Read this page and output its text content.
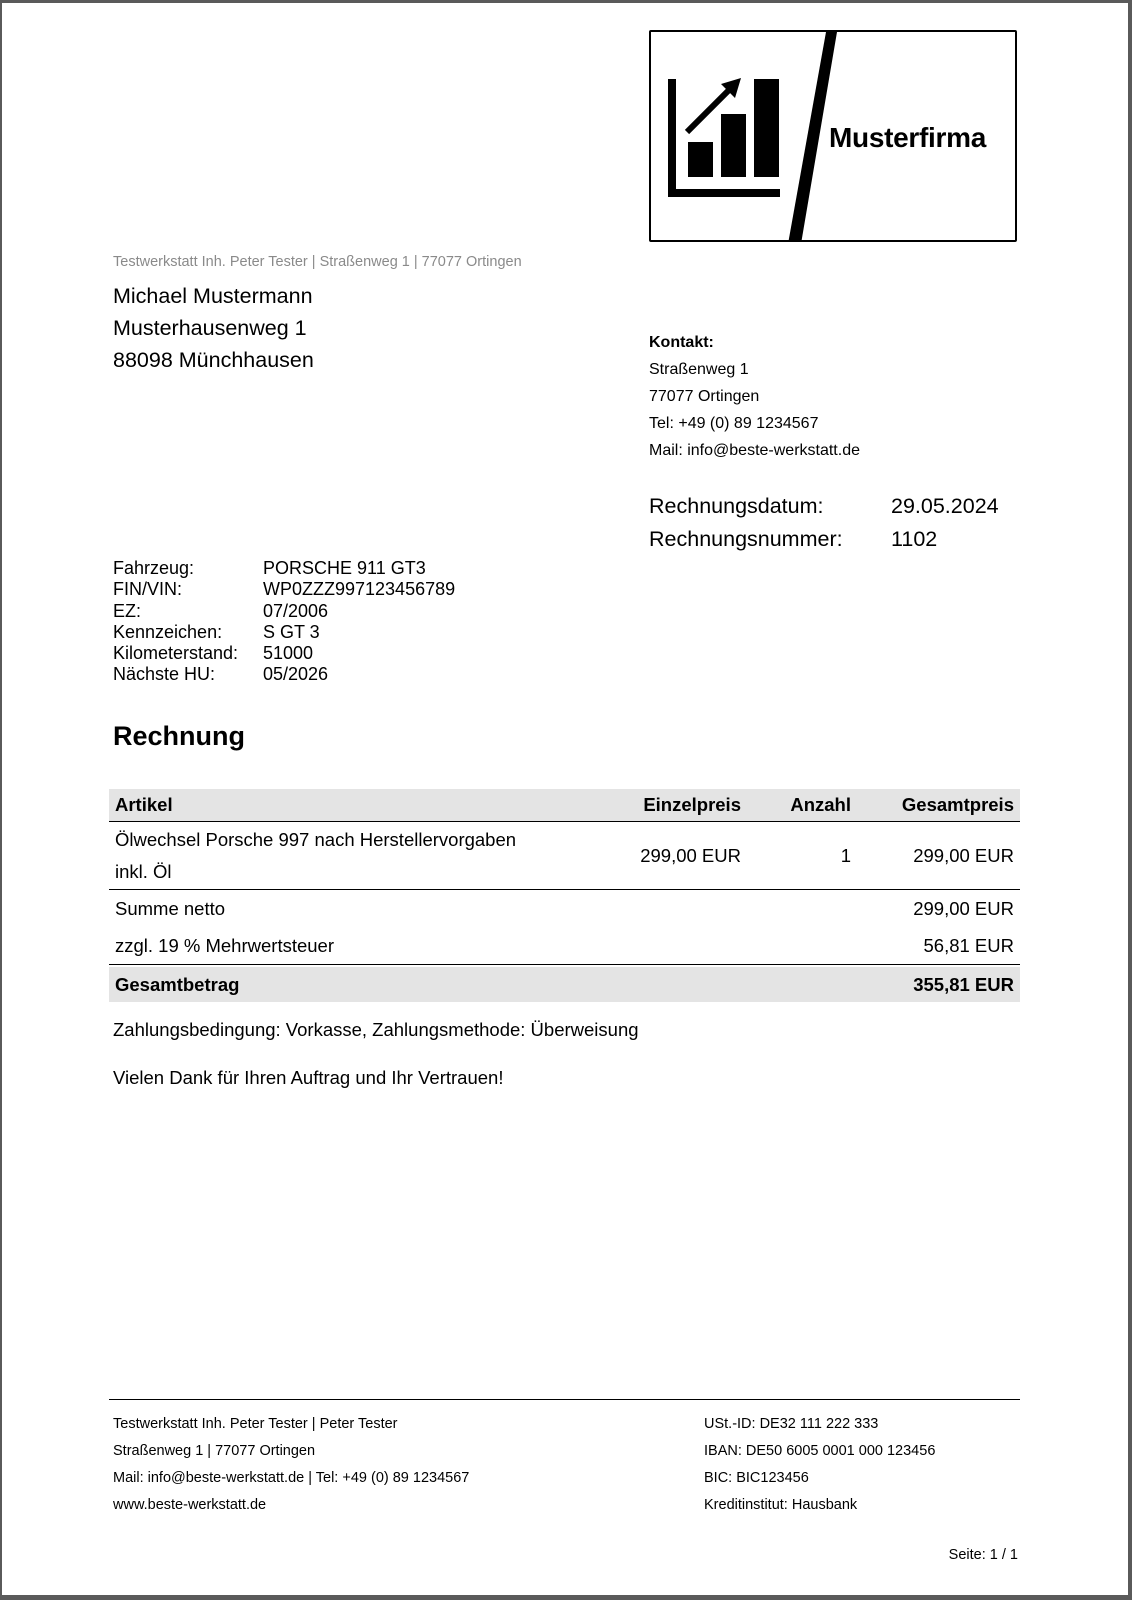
Musterfirma
Testwerkstatt Inh. Peter Tester | Straßenweg 1 | 77077 Ortingen
Michael Mustermann
Musterhausenweg 1
88098 Münchhausen
Kontakt:
Straßenweg 1
77077 Ortingen
Tel: +49 (0) 89 1234567
Mail: info@beste-werkstatt.de
Rechnungsdatum:	29.05.2024
Rechnungsnummer:	1102
Fahrzeug:	PORSCHE 911 GT3
FIN/VIN:	WP0ZZZ997123456789
EZ:	07/2006
Kennzeichen:	S GT 3
Kilometerstand:	51000
Nächste HU:	05/2026
Rechnung
Artikel	Einzelpreis	Anzahl	Gesamtpreis
Ölwechsel Porsche 997 nach Herstellervorgaben
inkl. Öl
299,00 EUR	1	299,00 EUR
Summe netto	299,00 EUR
zzgl. 19 % Mehrwertsteuer	56,81 EUR
Gesamtbetrag	355,81 EUR
Zahlungsbedingung: Vorkasse, Zahlungsmethode: Überweisung
Vielen Dank für Ihren Auftrag und Ihr Vertrauen!
Testwerkstatt Inh. Peter Tester | Peter Tester
Straßenweg 1 | 77077 Ortingen
Mail: info@beste-werkstatt.de | Tel: +49 (0) 89 1234567
www.beste-werkstatt.de
USt.-ID: DE32 111 222 333
IBAN: DE50 6005 0001 000 123456
BIC: BIC123456
Kreditinstitut: Hausbank
Seite: 1 / 1
